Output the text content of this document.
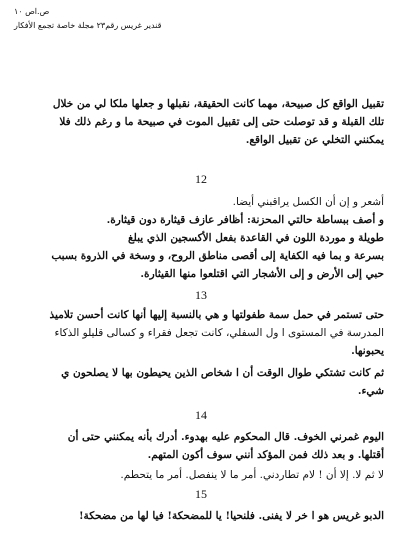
ص.اص ١٠
قندیر غریس رقم٢٣ مجلة خاصة تجمع الأفكار
تقبيل الواقع كل صبيحة، مهما كانت الحقيقة، نقبلها و جعلها ملكا لي من خلال
تلك القبلة و قد توصلت حتى إلى تقبيل الموت في صبيحة ما و رغم ذلك فلا
يمكنني التخلي عن تقبيل الواقع.
12
أشعر و إن أن الكسل يراقبني أيضا.
و أصف ببساطة حالتي المحزنة: أظافر عازف قيثارة دون قيثارة.
طويلة و موردة اللون في القاعدة بفعل الأكسجين الذي يبلغ
بسرعة و بما فيه الكفاية إلى أقصى مناطق الروح، و وسخة في الذروة بسبب
حبي إلى الأرض و إلى الأشجار التي اقتلعوا منها القيثارة.
13
حتى تستمر في حمل سمة طفولتها و هي بالنسبة إليها أنها كانت أحسن تلاميذ
المدرسة في المستوى ا ول السفلي، كانت تجعل فقراء و كسالى قليلو الذكاء
يحبونها.
ثم كانت تشتكي طوال الوقت أن ا شخاص الذين يحيطون بها لا يصلحون ي
شيء.
14
اليوم غمرني الخوف. قال المحكوم عليه بهدوء. أدرك بأنه يمكنني حتى أن
أقتلها. و بعد ذلك فمن المؤكد أنني سوف أكون المتهم.
لا ثم لا. إلا أن ! لام تطاردني. أمر ما لا ينفصل. أمر ما يتحطم.
15
الدبو غريس هو ا خر لا يفنى. فلنحيا! يا للمضحكة! فيا لها من مضحكة!
